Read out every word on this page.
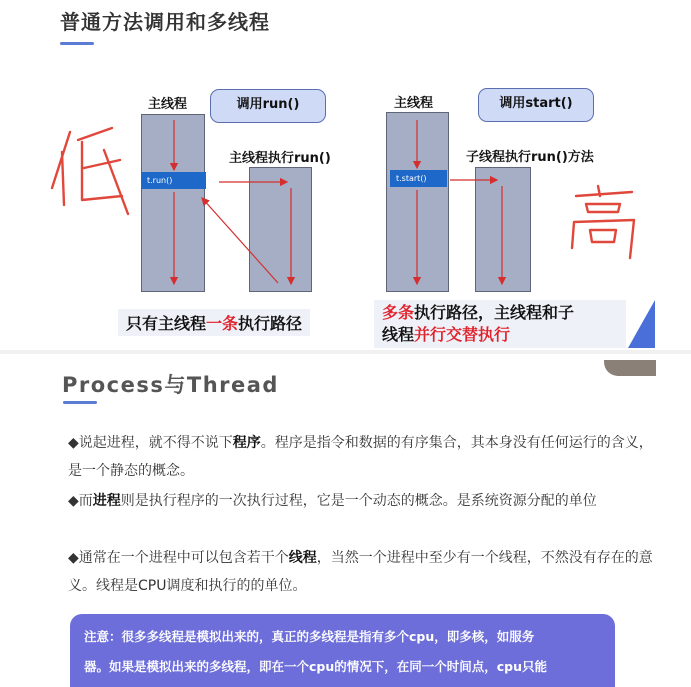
普通方法调用和多线程
主线程	调用run()
主线程执行run()
t.run()
主线程	调用start()
子线程执行run()方法
t.start()
只有主线程一条执行路径
多条执行路径，主线程和子
线程并行交替执行
Process与Thread
◆说起进程，就不得不说下程序。程序是指令和数据的有序集合，其本身没有任何运行的含义，是一个静态的概念。
◆而进程则是执行程序的一次执行过程，它是一个动态的概念。是系统资源分配的单位
◆通常在一个进程中可以包含若干个线程，当然一个进程中至少有一个线程，不然没有存在的意义。线程是CPU调度和执行的的单位。
注意：很多多线程是模拟出来的，真正的多线程是指有多个cpu，即多核，如服务
器。如果是模拟出来的多线程，即在一个cpu的情况下，在同一个时间点，cpu只能
